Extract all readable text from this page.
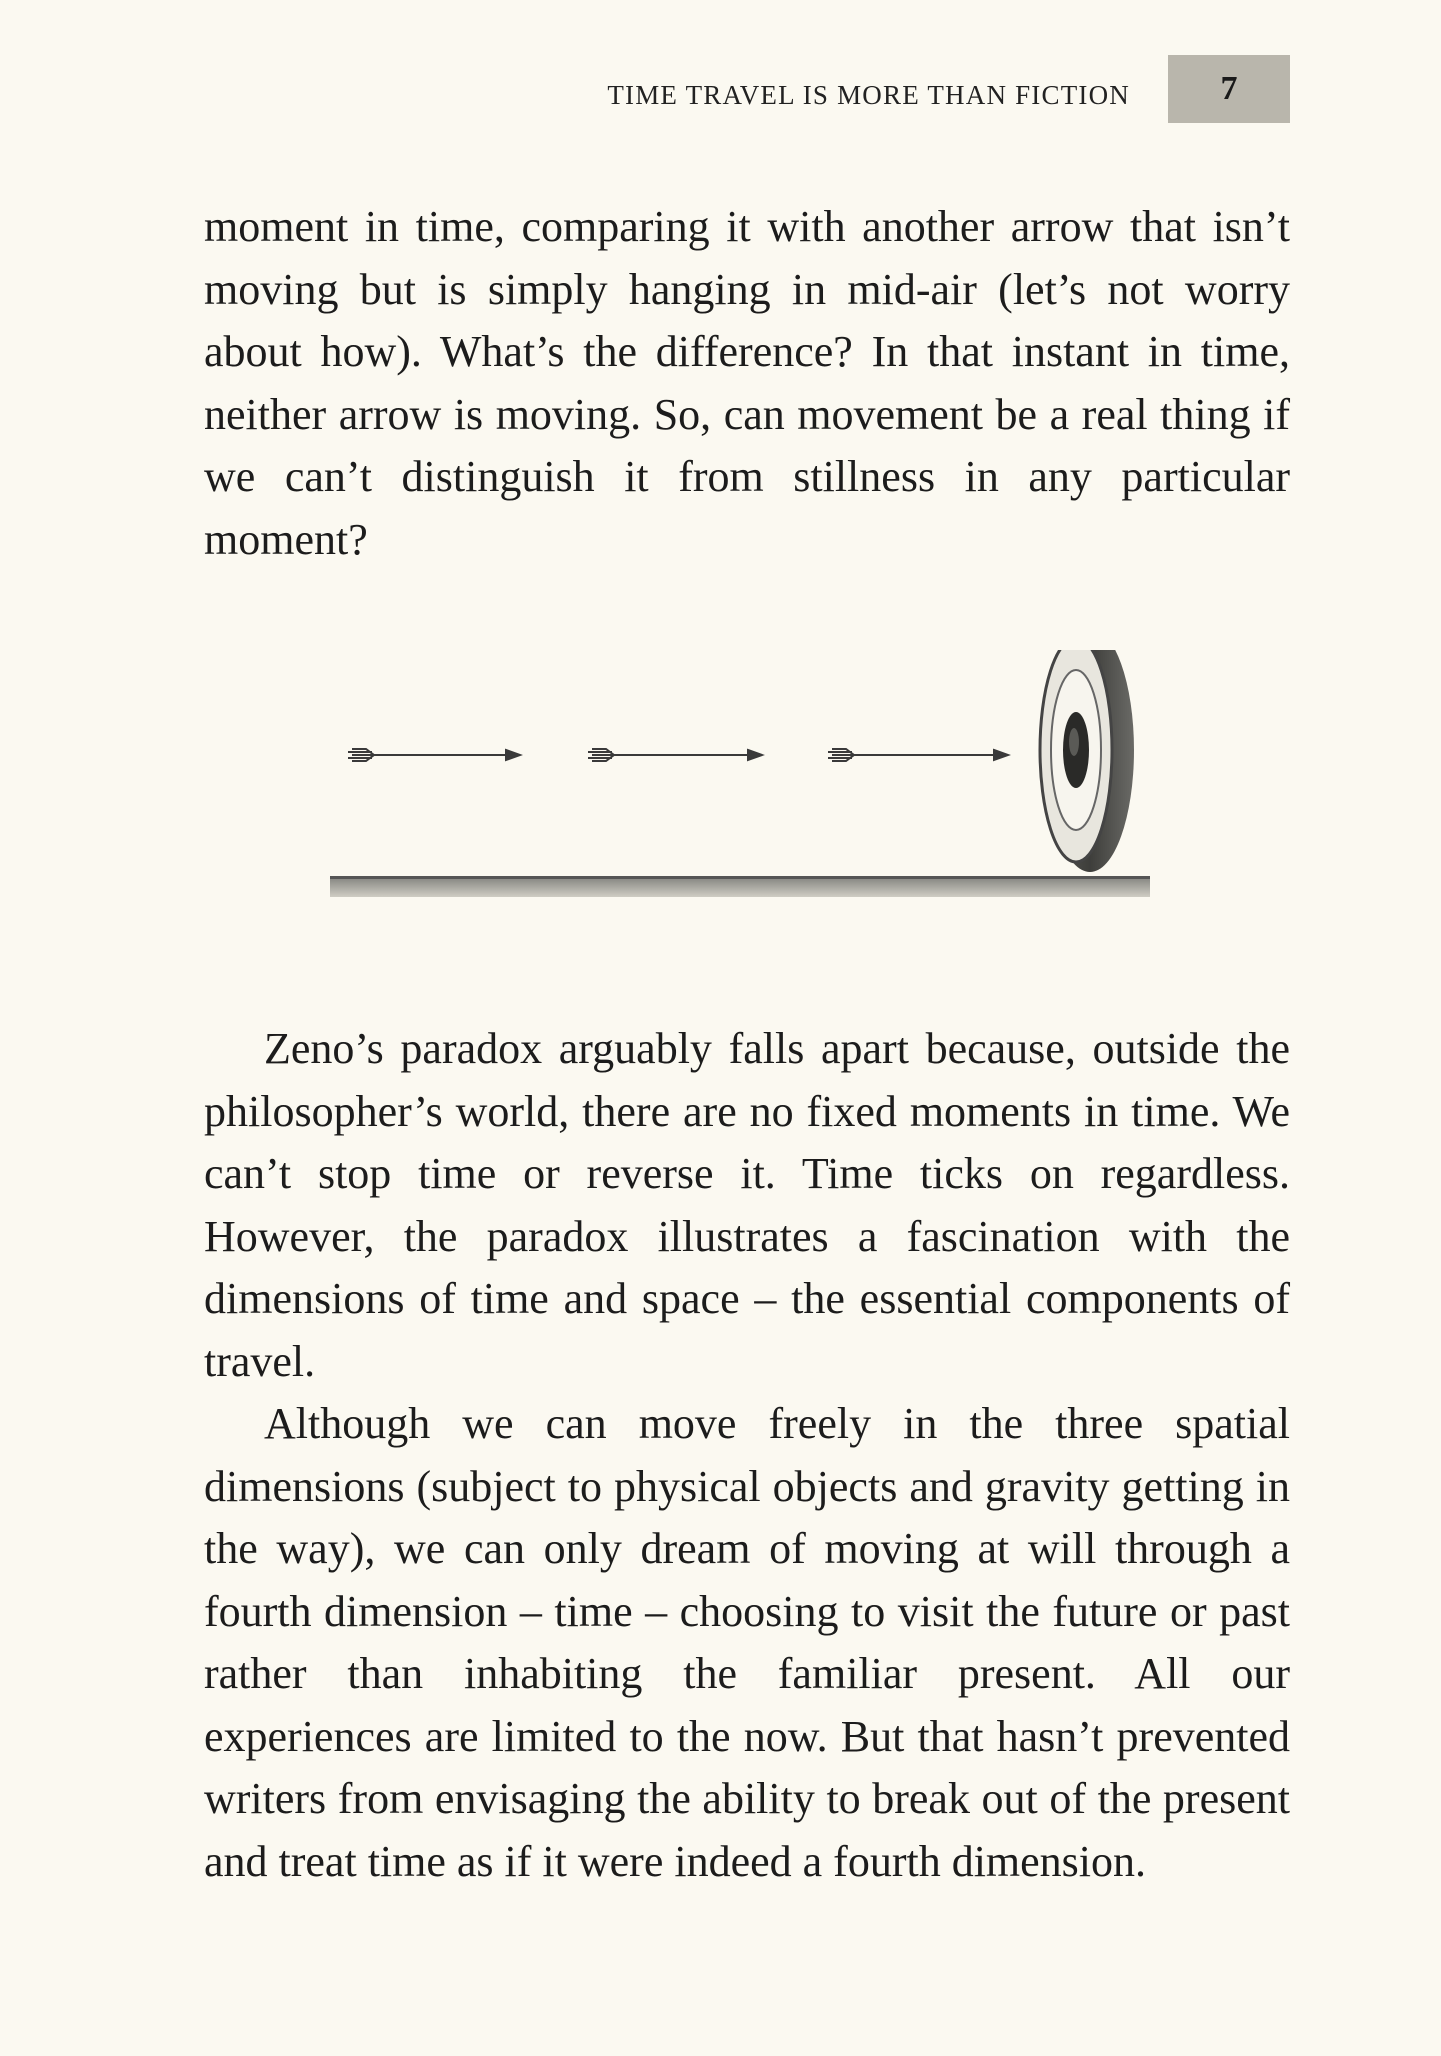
TIME TRAVEL IS MORE THAN FICTION	7

moment in time, comparing it with another arrow that isn’t moving but is simply hanging in mid-air (let’s not worry about how). What’s the difference? In that instant in time, neither arrow is moving. So, can movement be a real thing if we can’t distinguish it from stillness in any particular moment?

Zeno’s paradox arguably falls apart because, outside the philosopher’s world, there are no fixed moments in time. We can’t stop time or reverse it. Time ticks on regardless. However, the paradox illustrates a fascination with the dimensions of time and space – the essential components of travel.

Although we can move freely in the three spatial dimensions (subject to physical objects and gravity getting in the way), we can only dream of moving at will through a fourth dimension – time – choosing to visit the future or past rather than inhabiting the familiar present. All our experiences are limited to the now. But that hasn’t prevented writers from envisaging the ability to break out of the present and treat time as if it were indeed a fourth dimension.
